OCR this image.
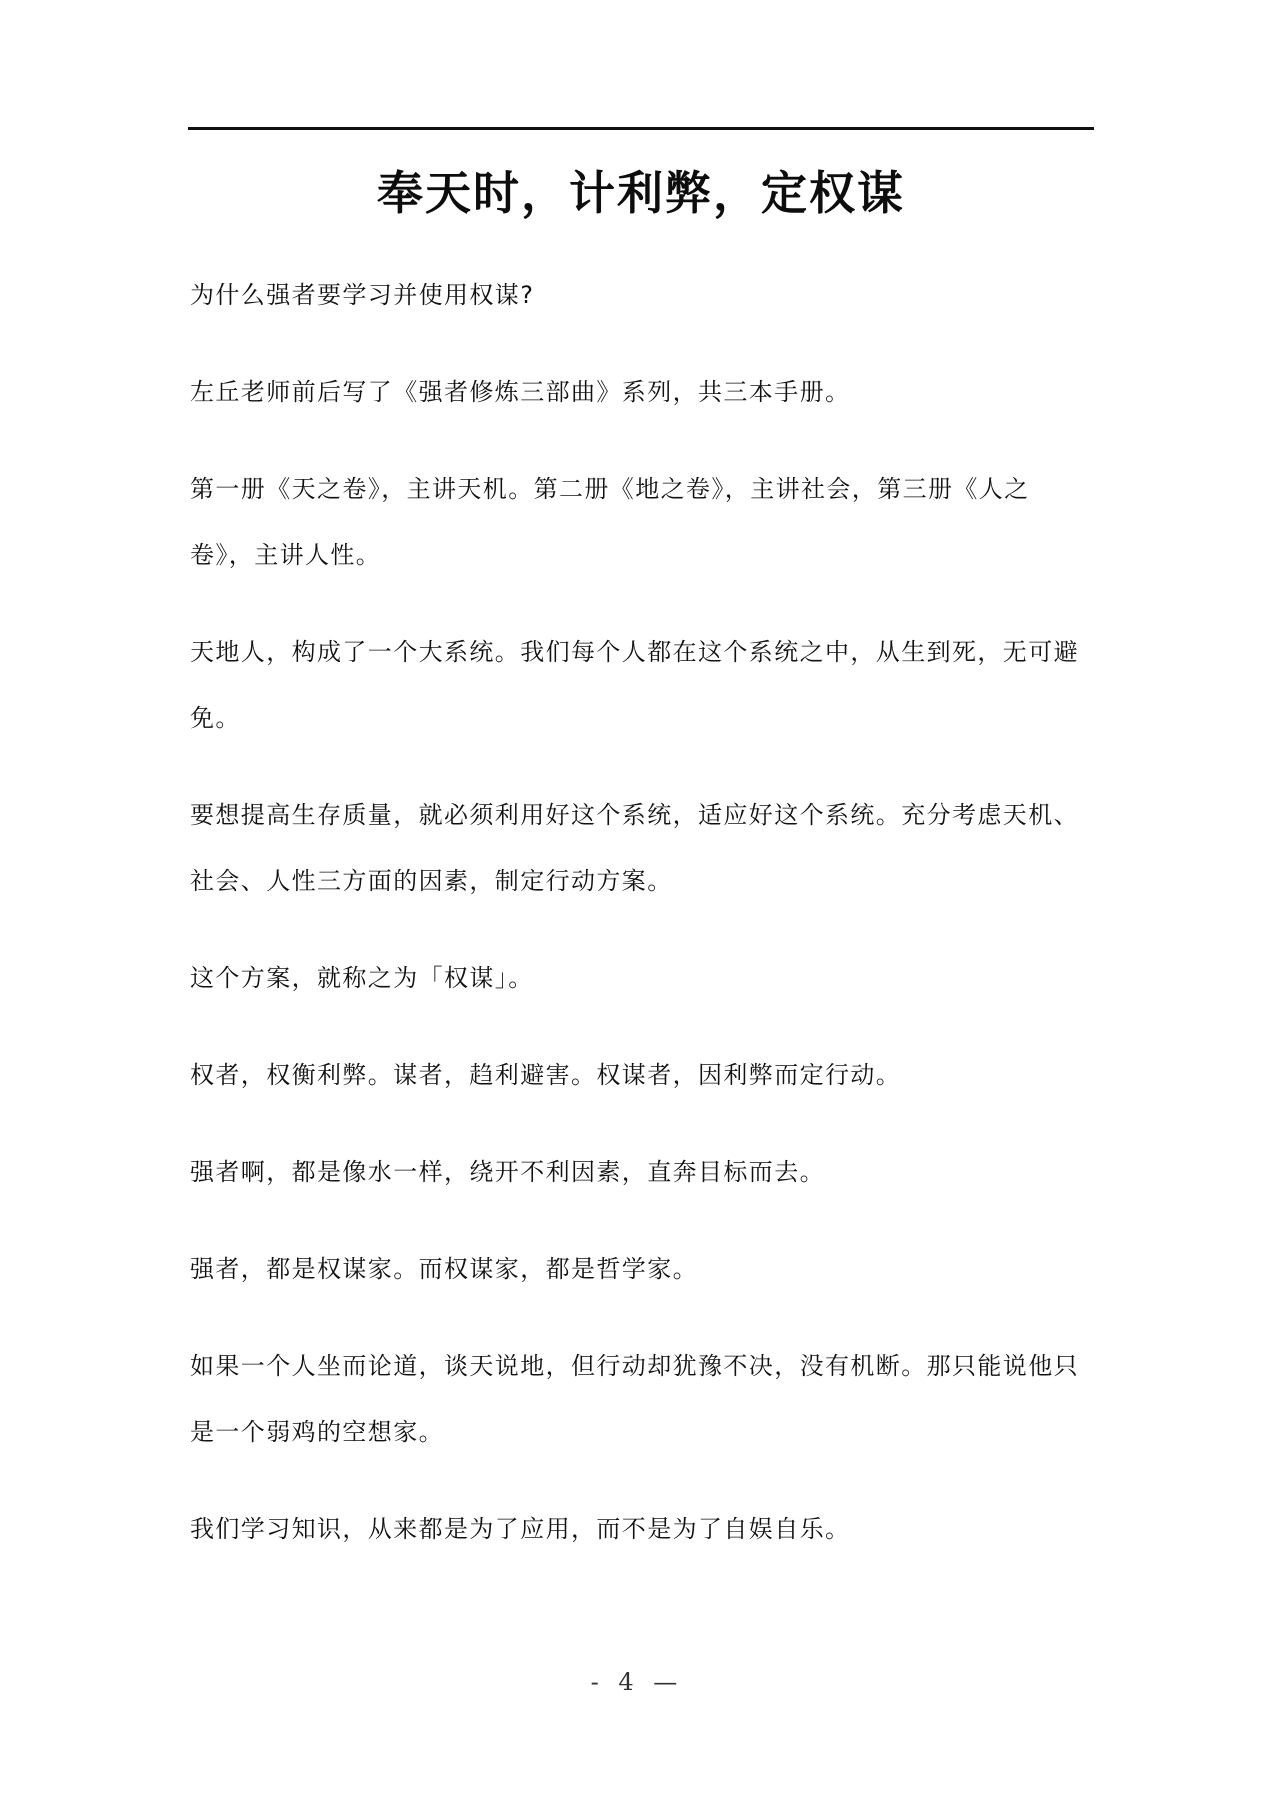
奉天时，计利弊，定权谋

为什么强者要学习并使用权谋?

左丘老师前后写了《强者修炼三部曲》系列，共三本手册。

第一册《天之卷》，主讲天机。第二册《地之卷》，主讲社会，第三册《人之卷》，主讲人性。

天地人，构成了一个大系统。我们每个人都在这个系统之中，从生到死，无可避免。

要想提高生存质量，就必须利用好这个系统，适应好这个系统。充分考虑天机、社会、人性三方面的因素，制定行动方案。

这个方案，就称之为「权谋」。

权者，权衡利弊。谋者，趋利避害。权谋者，因利弊而定行动。

强者啊，都是像水一样，绕开不利因素，直奔目标而去。

强者，都是权谋家。而权谋家，都是哲学家。

如果一个人坐而论道，谈天说地，但行动却犹豫不决，没有机断。那只能说他只是一个弱鸡的空想家。

我们学习知识，从来都是为了应用，而不是为了自娱自乐。

- 4 —
